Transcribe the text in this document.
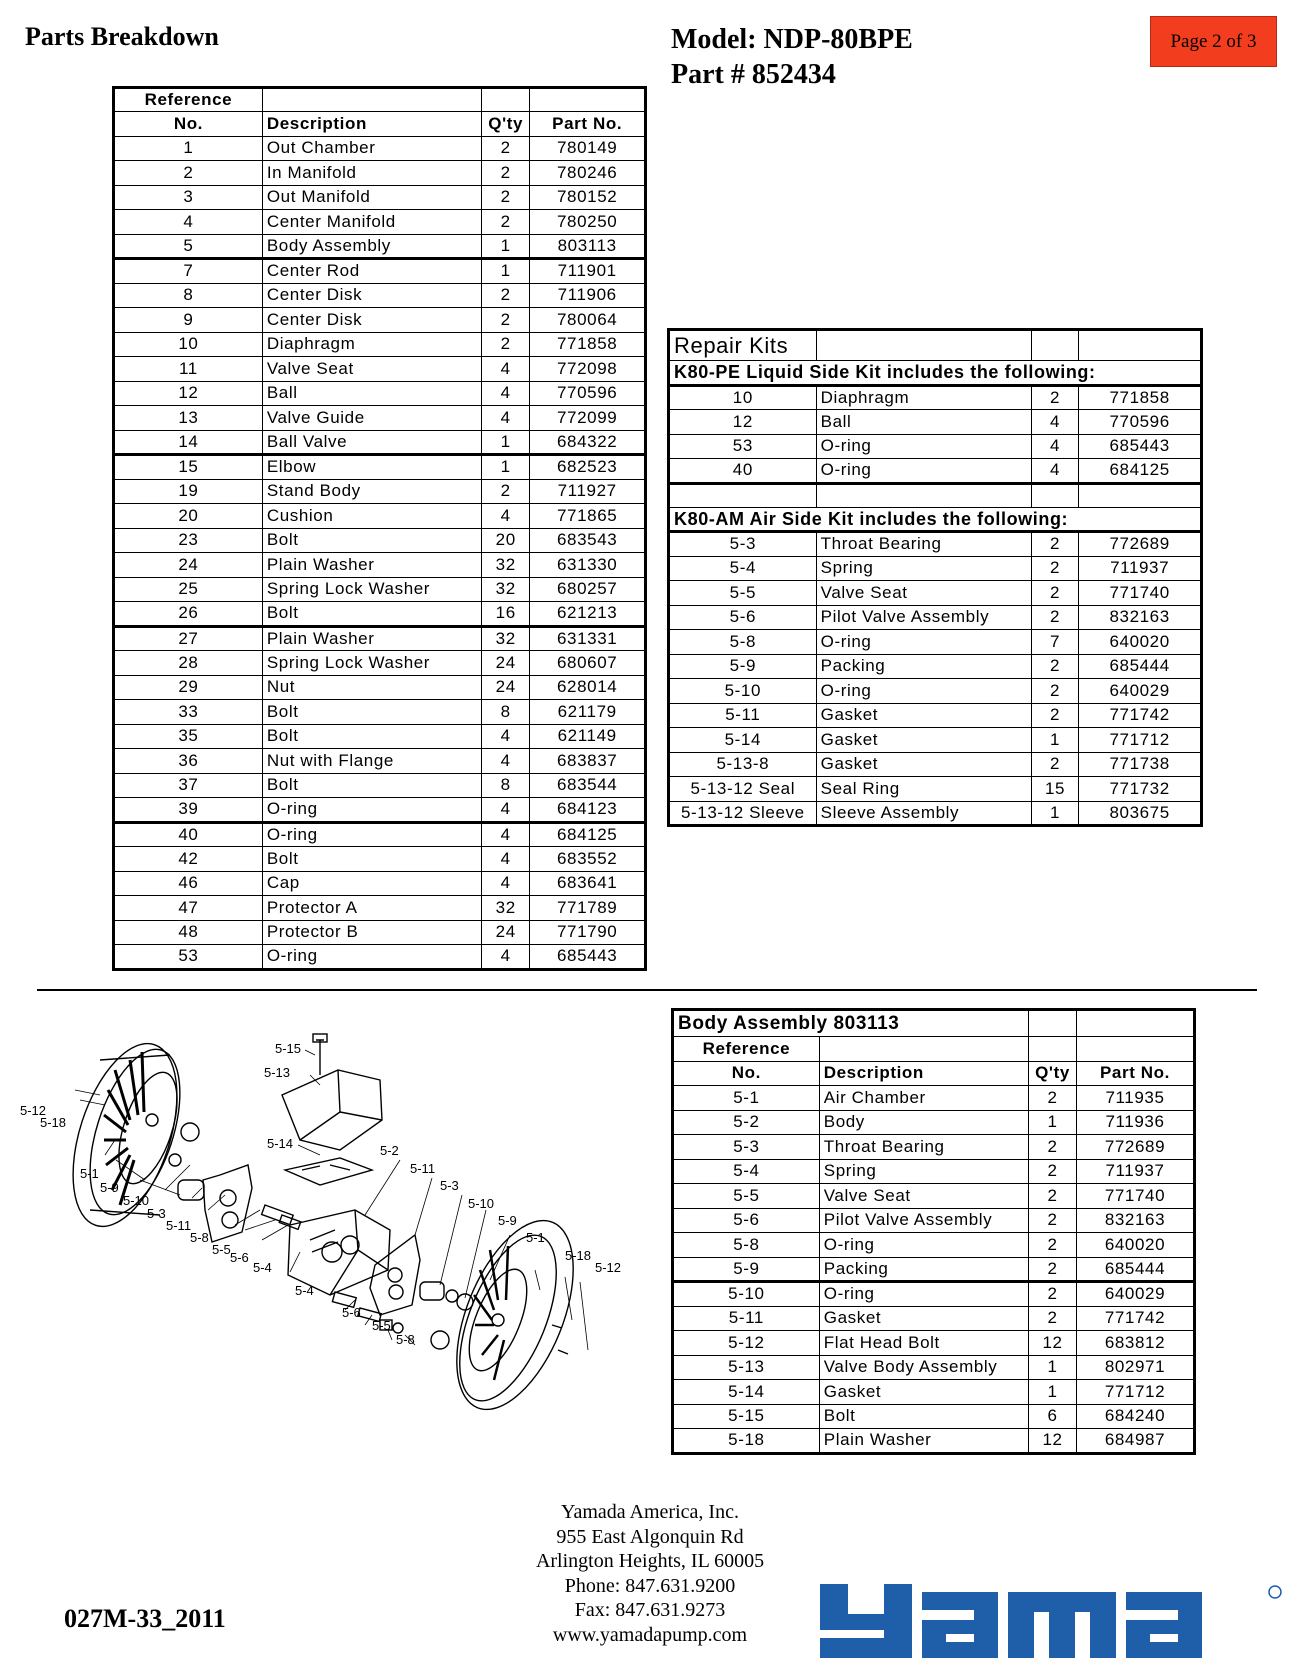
Parts Breakdown	Model: NDP-80BPE
Part # 852434
Page 2 of 3
Reference			
No.	Description	Q'ty	Part No.
1	Out Chamber	2	780149
2	In Manifold	2	780246
3	Out Manifold	2	780152
4	Center Manifold	2	780250
5	Body Assembly	1	803113
7	Center Rod	1	711901
8	Center Disk	2	711906
9	Center Disk	2	780064
10	Diaphragm	2	771858
11	Valve Seat	4	772098
12	Ball	4	770596
13	Valve Guide	4	772099
14	Ball Valve	1	684322
15	Elbow	1	682523
19	Stand Body	2	711927
20	Cushion	4	771865
23	Bolt	20	683543
24	Plain Washer	32	631330
25	Spring Lock Washer	32	680257
26	Bolt	16	621213
27	Plain Washer	32	631331
28	Spring Lock Washer	24	680607
29	Nut	24	628014
33	Bolt	8	621179
35	Bolt	4	621149
36	Nut with Flange	4	683837
37	Bolt	8	683544
39	O-ring	4	684123
40	O-ring	4	684125
42	Bolt	4	683552
46	Cap	4	683641
47	Protector A	32	771789
48	Protector B	24	771790
53	O-ring	4	685443
Repair Kits			
K80-PE Liquid Side Kit includes the following:			
10	Diaphragm	2	771858
12	Ball	4	770596
53	O-ring	4	685443
40	O-ring	4	684125

K80-AM Air Side Kit includes the following:			
5-3	Throat Bearing	2	772689
5-4	Spring	2	711937
5-5	Valve Seat	2	771740
5-6	Pilot Valve Assembly	2	832163
5-8	O-ring	7	640020
5-9	Packing	2	685444
5-10	O-ring	2	640029
5-11	Gasket	2	771742
5-14	Gasket	1	771712
5-13-8	Gasket	2	771738
5-13-12 Seal	Seal Ring	15	771732
5-13-12 Sleeve	Sleeve Assembly	1	803675
Body Assembly 803113			
Reference			
No.	Description	Q'ty	Part No.
5-1	Air Chamber	2	711935
5-2	Body	1	711936
5-3	Throat Bearing	2	772689
5-4	Spring	2	711937
5-5	Valve Seat	2	771740
5-6	Pilot Valve Assembly	2	832163
5-8	O-ring	2	640020
5-9	Packing	2	685444
5-10	O-ring	2	640029
5-11	Gasket	2	771742
5-12	Flat Head Bolt	12	683812
5-13	Valve Body Assembly	1	802971
5-14	Gasket	1	771712
5-15	Bolt	6	684240
5-18	Plain Washer	12	684987
5-15
5-13
5-12
5-18
5-14	5-2
5-11
5-3
5-10
5-9
5-1
5-18
5-12
5-1
5-9
5-10
5-3
5-11
5-8
5-5
5-6
5-4
5-4
5-6
5-5
5-8
Yamada America, Inc.
955 East Algonquin Rd
Arlington Heights, IL 60005
Phone: 847.631.9200
Fax: 847.631.9273
www.yamadapump.com
027M-33_2011
